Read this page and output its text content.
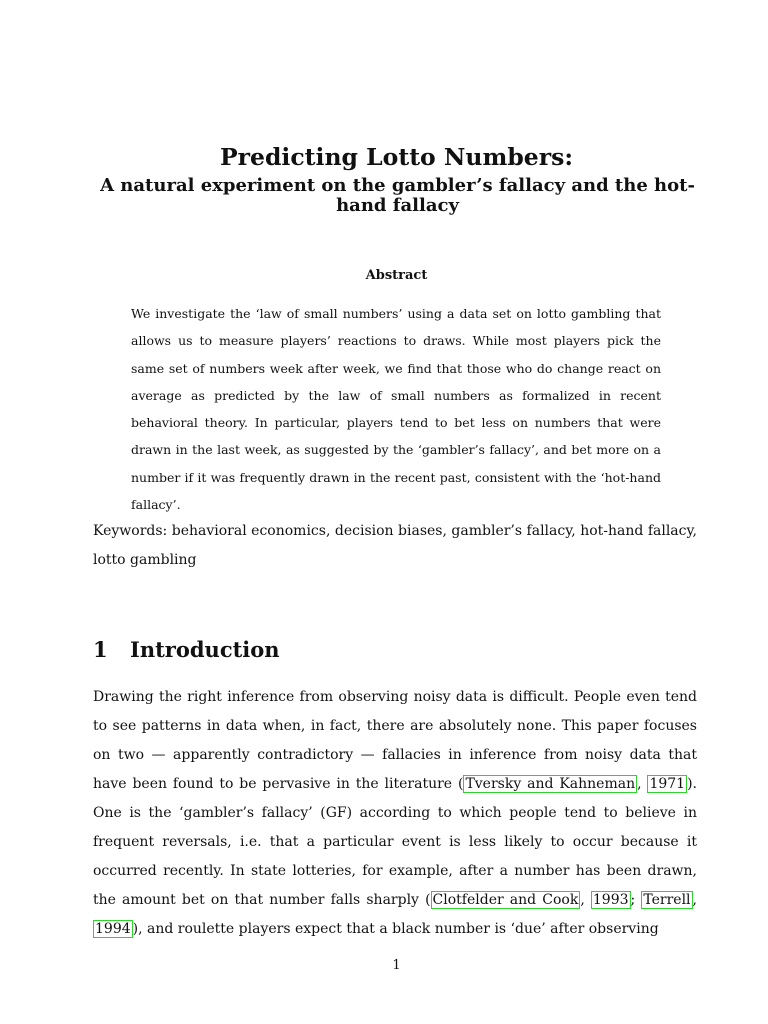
Predicting Lotto Numbers:
A natural experiment on the gambler’s fallacy and the hot-hand fallacy
Abstract
We investigate the ‘law of small numbers’ using a data set on lotto gambling that allows us to measure players’ reactions to draws. While most players pick the same set of numbers week after week, we find that those who do change react on average as predicted by the law of small numbers as formalized in recent behavioral theory. In particular, players tend to bet less on numbers that were drawn in the last week, as suggested by the ‘gambler’s fallacy’, and bet more on a number if it was frequently drawn in the recent past, consistent with the ‘hot-hand fallacy’.
Keywords: behavioral economics, decision biases, gambler’s fallacy, hot-hand fallacy, lotto gambling
1 Introduction
Drawing the right inference from observing noisy data is difficult. People even tend to see patterns in data when, in fact, there are absolutely none. This paper focuses on two — apparently contradictory — fallacies in inference from noisy data that have been found to be pervasive in the literature ( Tversky and Kahneman , 1971 ). One is the ‘gambler’s fallacy’ (GF) according to which people tend to believe in frequent reversals, i.e. that a particular event is less likely to occur because it occurred recently. In state lotteries, for example, after a number has been drawn, the amount bet on that number falls sharply ( Clotfelder and Cook , 1993 ; Terrell , 1994 ), and roulette players expect that a black number is ‘due’ after observing
1
